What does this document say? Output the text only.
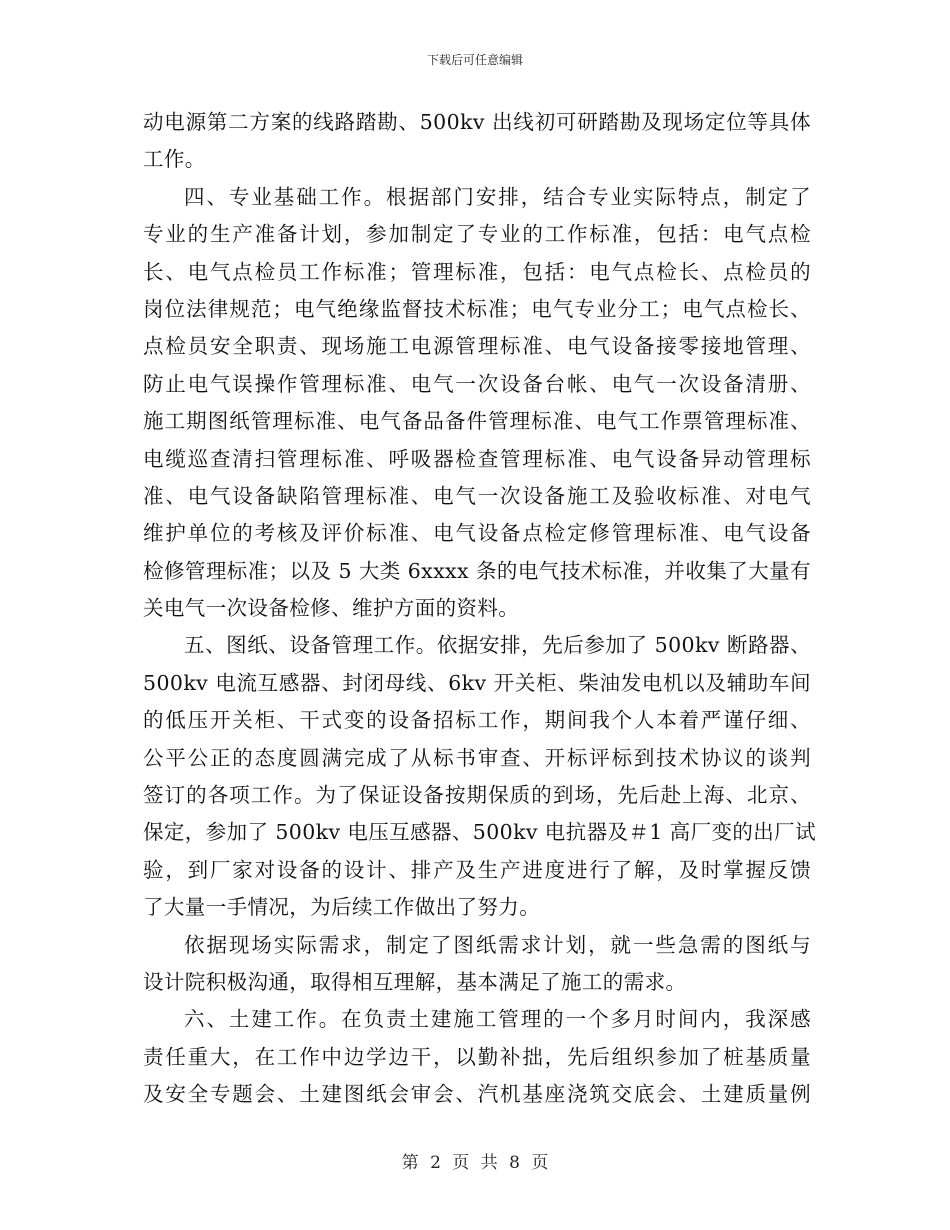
下载后可任意编辑
动电源第二方案的线路踏勘、500kv 出线初可研踏勘及现场定位等具体
工作。
四、专业基础工作。根据部门安排，结合专业实际特点，制定了
专业的生产准备计划，参加制定了专业的工作标准，包括：电气点检
长、电气点检员工作标准；管理标准，包括：电气点检长、点检员的
岗位法律规范；电气绝缘监督技术标准；电气专业分工；电气点检长、
点检员安全职责、现场施工电源管理标准、电气设备接零接地管理、
防止电气误操作管理标准、电气一次设备台帐、电气一次设备清册、
施工期图纸管理标准、电气备品备件管理标准、电气工作票管理标准、
电缆巡查清扫管理标准、呼吸器检查管理标准、电气设备异动管理标
准、电气设备缺陷管理标准、电气一次设备施工及验收标准、对电气
维护单位的考核及评价标准、电气设备点检定修管理标准、电气设备
检修管理标准；以及 5 大类 6xxxx 条的电气技术标准，并收集了大量有
关电气一次设备检修、维护方面的资料。
五、图纸、设备管理工作。依据安排，先后参加了 500kv 断路器、
500kv 电流互感器、封闭母线、6kv 开关柜、柴油发电机以及辅助车间
的低压开关柜、干式变的设备招标工作，期间我个人本着严谨仔细、
公平公正的态度圆满完成了从标书审查、开标评标到技术协议的谈判
签订的各项工作。为了保证设备按期保质的到场，先后赴上海、北京、
保定，参加了 500kv 电压互感器、500kv 电抗器及＃1 高厂变的出厂试
验，到厂家对设备的设计、排产及生产进度进行了解，及时掌握反馈
了大量一手情况，为后续工作做出了努力。
依据现场实际需求，制定了图纸需求计划，就一些急需的图纸与
设计院积极沟通，取得相互理解，基本满足了施工的需求。
六、土建工作。在负责土建施工管理的一个多月时间内，我深感
责任重大，在工作中边学边干，以勤补拙，先后组织参加了桩基质量
及安全专题会、土建图纸会审会、汽机基座浇筑交底会、土建质量例
第 2 页 共 8 页
